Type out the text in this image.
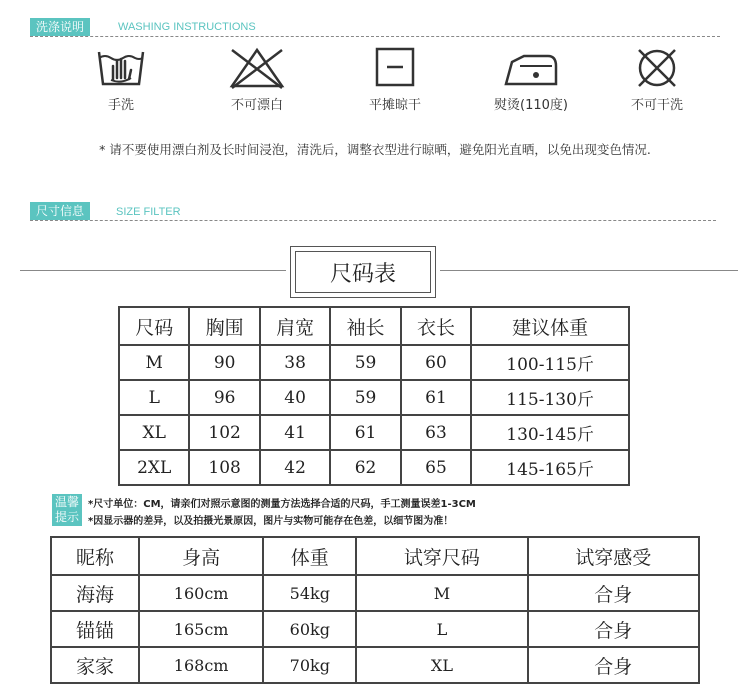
洗涤说明	WASHING INSTRUCTIONS
手洗	不可漂白	平摊晾干	熨烫(110度)	不可干洗
* 请不要使用漂白剂及长时间浸泡，清洗后，调整衣型进行晾晒，避免阳光直晒，以免出现变色情况.
尺寸信息	SIZE FILTER
尺码表
尺码	胸围	肩宽	袖长	衣长	建议体重
M	90	38	59	60	100-115斤
L	96	40	59	61	115-130斤
XL	102	41	61	63	130-145斤
2XL	108	42	62	65	145-165斤
温馨
提示
*尺寸单位：CM，请亲们对照示意图的测量方法选择合适的尺码，手工测量误差1-3CM
*因显示器的差异，以及拍摄光景原因，图片与实物可能存在色差，以细节图为准！
昵称	身高	体重	试穿尺码	试穿感受
海海	160cm	54kg	M	合身
锚锚	165cm	60kg	L	合身
家家	168cm	70kg	XL	合身
